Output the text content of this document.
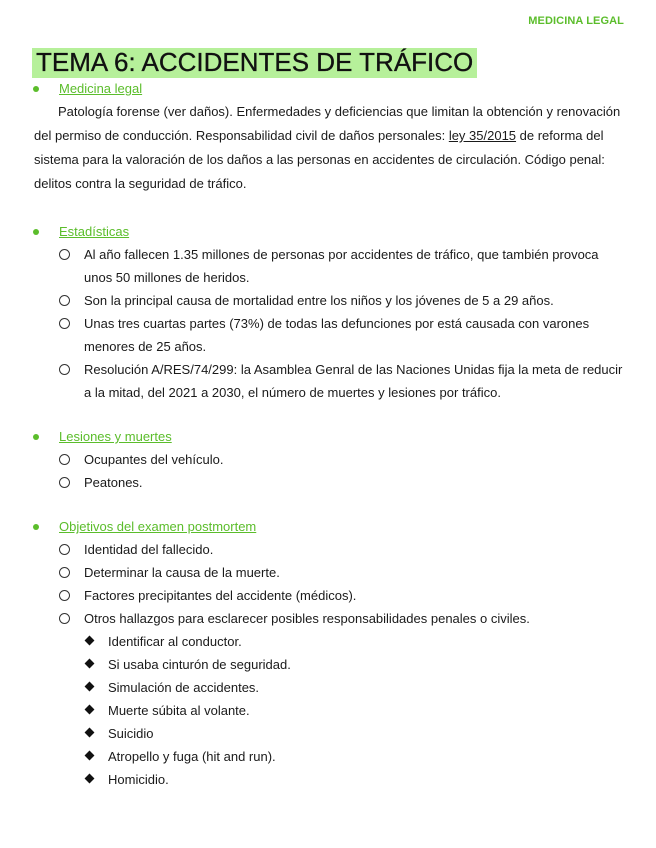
MEDICINA LEGAL
TEMA 6: ACCIDENTES DE TRÁFICO
Medicina legal

Patología forense (ver daños). Enfermedades y deficiencias que limitan la obtención y renovación del permiso de conducción. Responsabilidad civil de daños personales: ley 35/2015 de reforma del sistema para la valoración de los daños a las personas en accidentes de circulación. Código penal: delitos contra la seguridad de tráfico.

Estadísticas
Al año fallecen 1.35 millones de personas por accidentes de tráfico, que también provoca unos 50 millones de heridos.
Son la principal causa de mortalidad entre los niños y los jóvenes de 5 a 29 años.
Unas tres cuartas partes (73%) de todas las defunciones por está causada con varones menores de 25 años.
Resolución A/RES/74/299: la Asamblea Genral de las Naciones Unidas fija la meta de reducir a la mitad, del 2021 a 2030, el número de muertes y lesiones por tráfico.
Lesiones y muertes
Ocupantes del vehículo.
Peatones.
Objetivos del examen postmortem
Identidad del fallecido.
Determinar la causa de la muerte.
Factores precipitantes del accidente (médicos).
Otros hallazgos para esclarecer posibles responsabilidades penales o civiles.
Identificar al conductor.
Si usaba cinturón de seguridad.
Simulación de accidentes.
Muerte súbita al volante.
Suicidio
Atropello y fuga (hit and run).
Homicidio.
